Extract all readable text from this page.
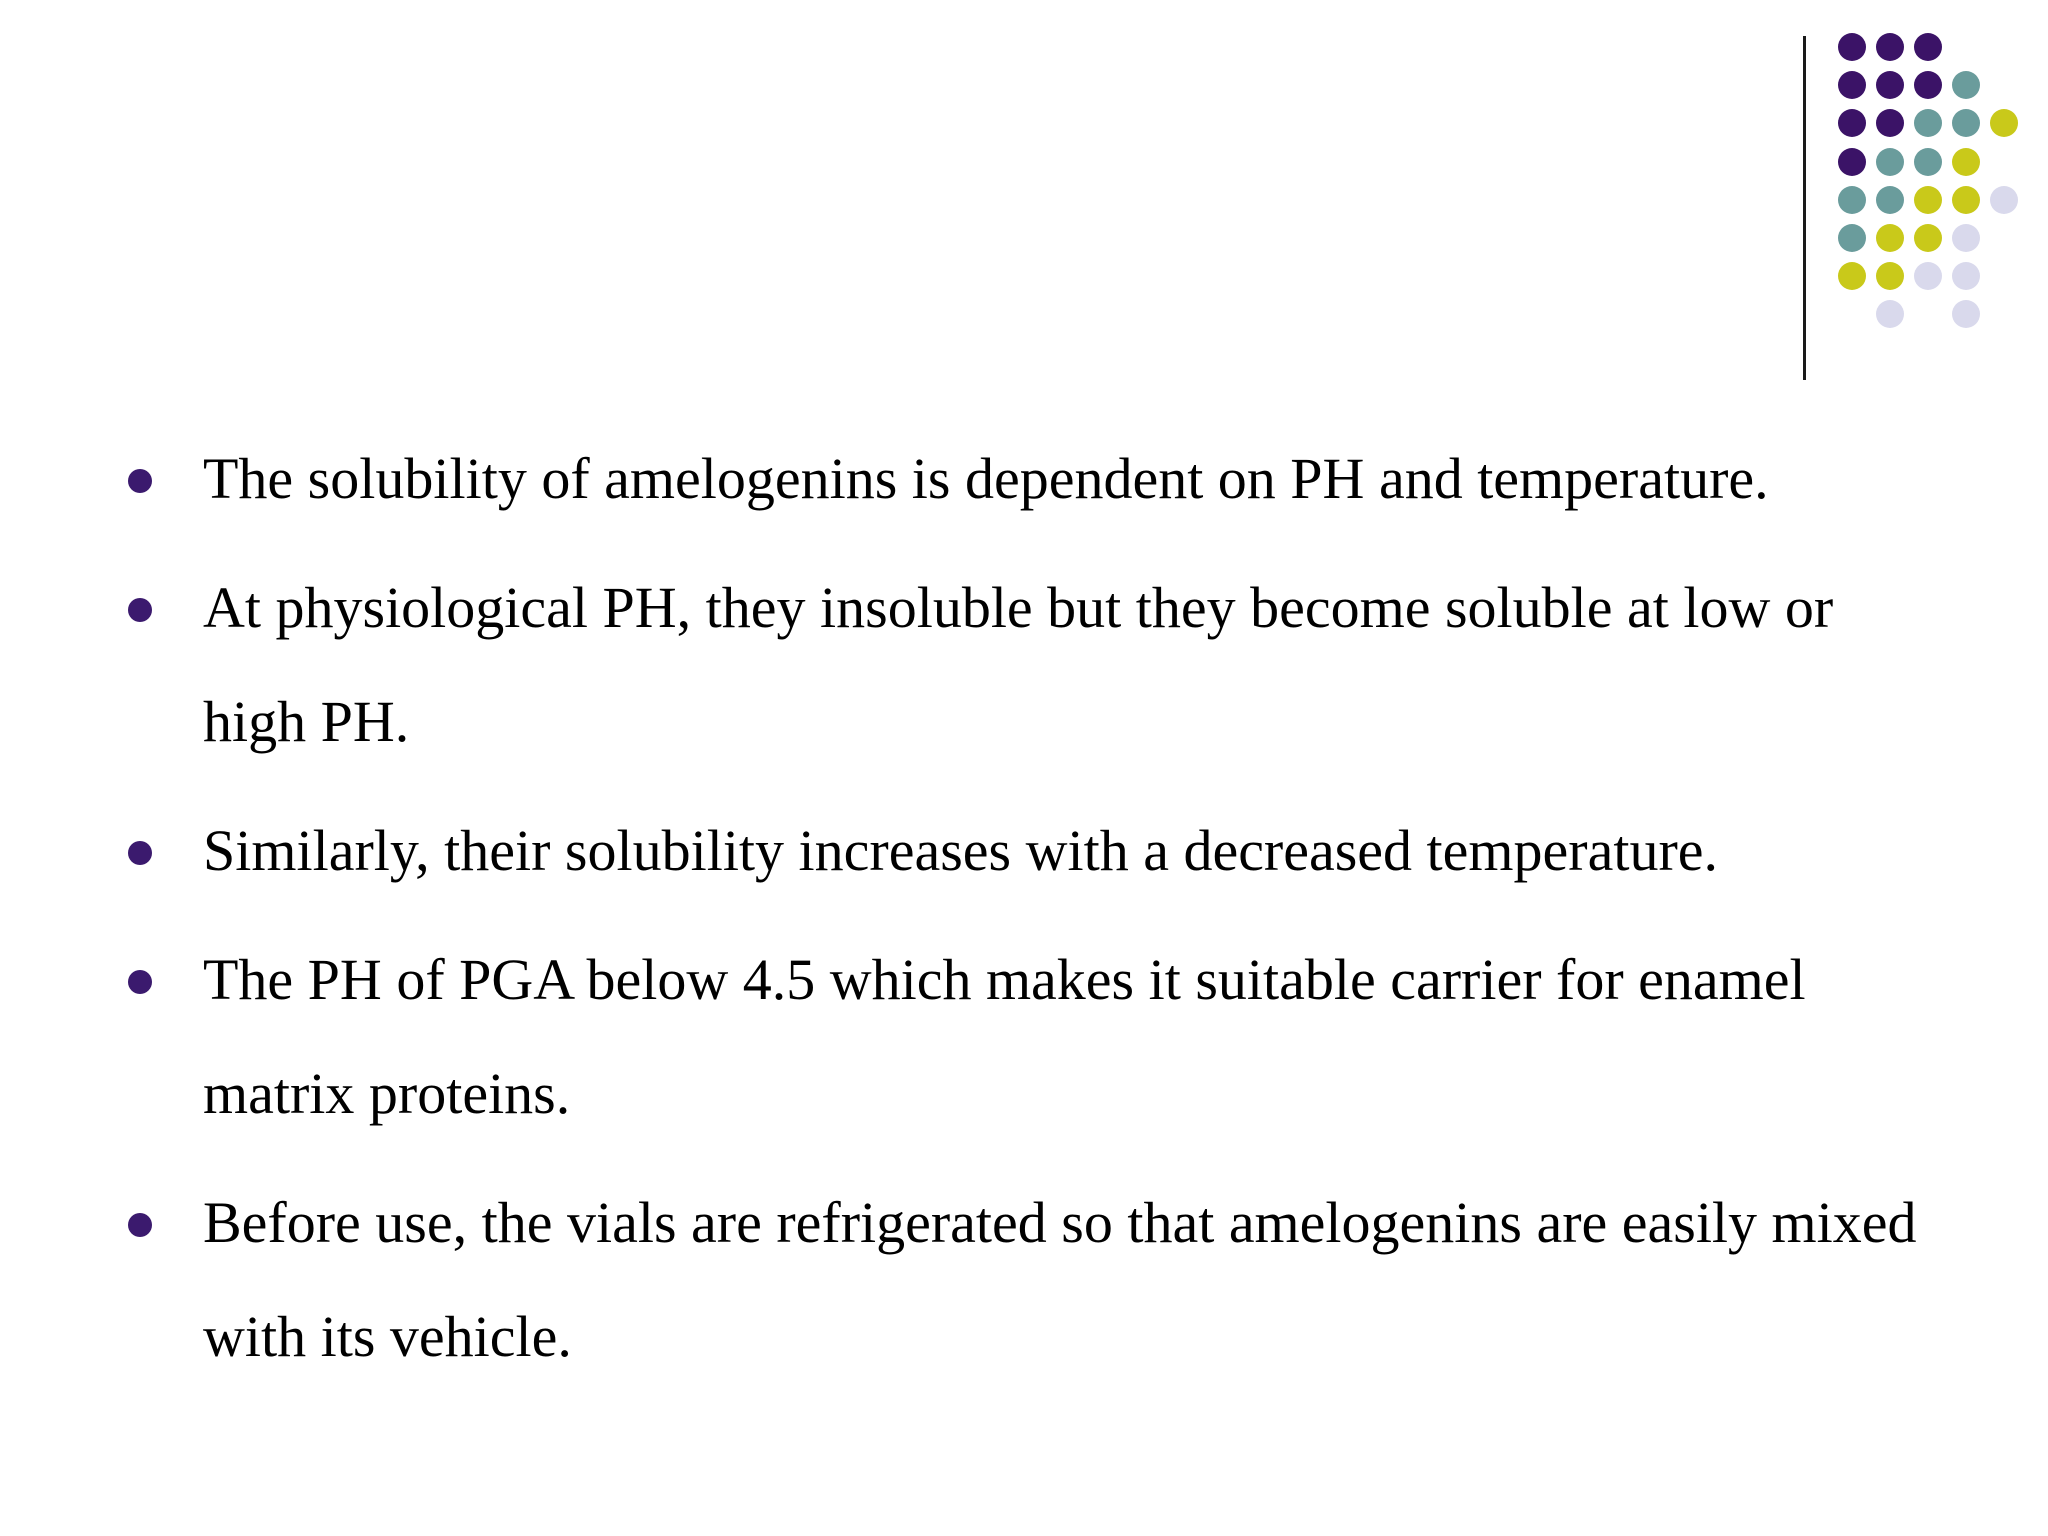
The solubility of amelogenins is dependent on PH and temperature.
At physiological PH, they insoluble but they become soluble at low or high PH.
Similarly, their solubility increases with a decreased temperature.
The PH of PGA below 4.5 which makes it suitable carrier for enamel matrix proteins.
Before use, the vials are refrigerated so that amelogenins are easily mixed with its vehicle.
